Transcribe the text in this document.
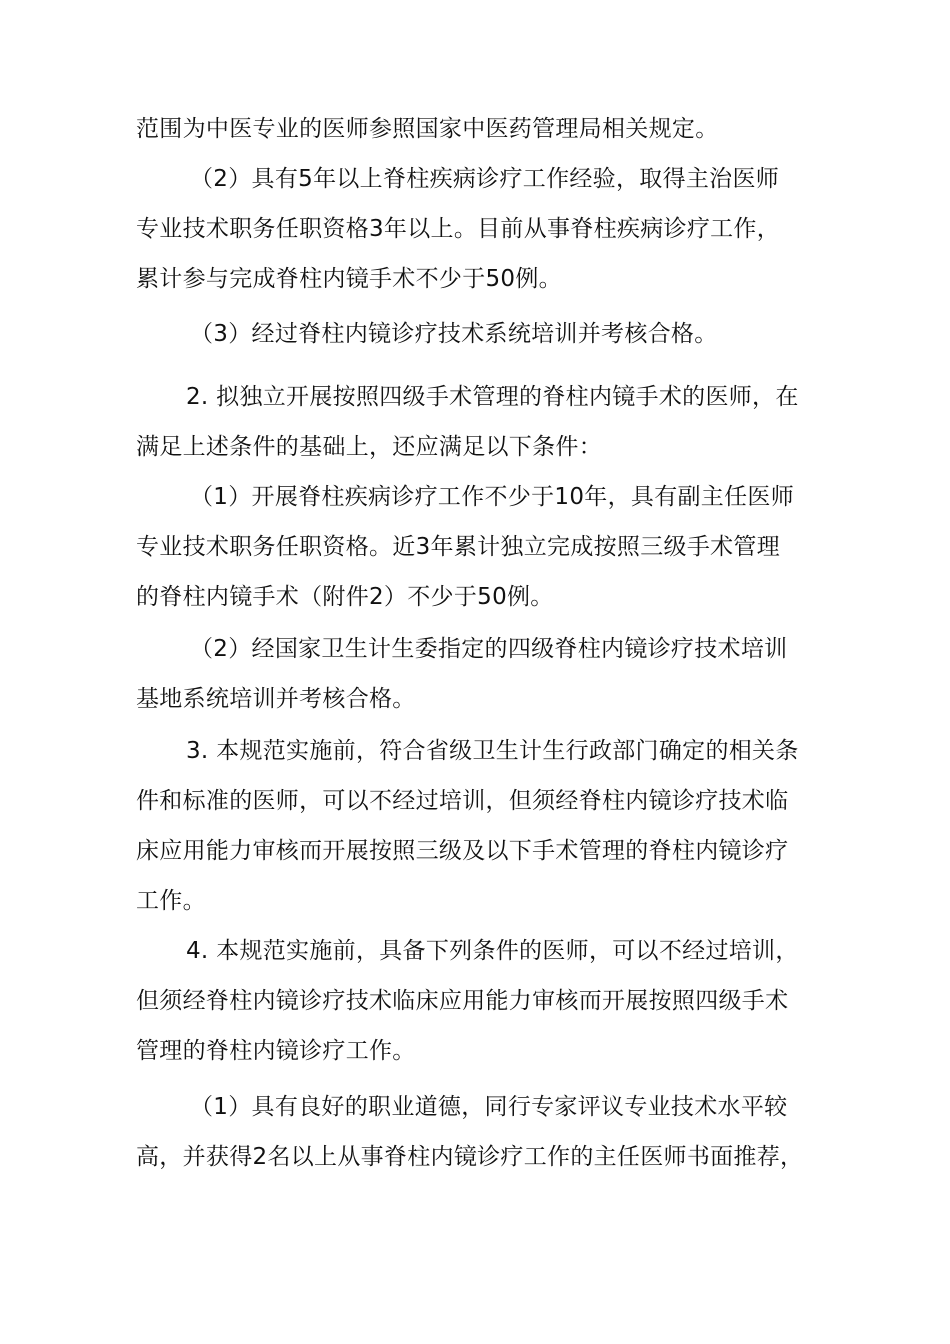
范围为中医专业的医师参照国家中医药管理局相关规定。
（2）具有5年以上脊柱疾病诊疗工作经验，取得主治医师
专业技术职务任职资格3年以上。目前从事脊柱疾病诊疗工作，
累计参与完成脊柱内镜手术不少于50例。
（3）经过脊柱内镜诊疗技术系统培训并考核合格。
2. 拟独立开展按照四级手术管理的脊柱内镜手术的医师，在
满足上述条件的基础上，还应满足以下条件：
（1）开展脊柱疾病诊疗工作不少于10年，具有副主任医师
专业技术职务任职资格。近3年累计独立完成按照三级手术管理
的脊柱内镜手术（附件2）不少于50例。
（2）经国家卫生计生委指定的四级脊柱内镜诊疗技术培训
基地系统培训并考核合格。
3. 本规范实施前，符合省级卫生计生行政部门确定的相关条
件和标准的医师，可以不经过培训，但须经脊柱内镜诊疗技术临
床应用能力审核而开展按照三级及以下手术管理的脊柱内镜诊疗
工作。
4. 本规范实施前，具备下列条件的医师，可以不经过培训，
但须经脊柱内镜诊疗技术临床应用能力审核而开展按照四级手术
管理的脊柱内镜诊疗工作。
（1）具有良好的职业道德，同行专家评议专业技术水平较
高，并获得2名以上从事脊柱内镜诊疗工作的主任医师书面推荐，
